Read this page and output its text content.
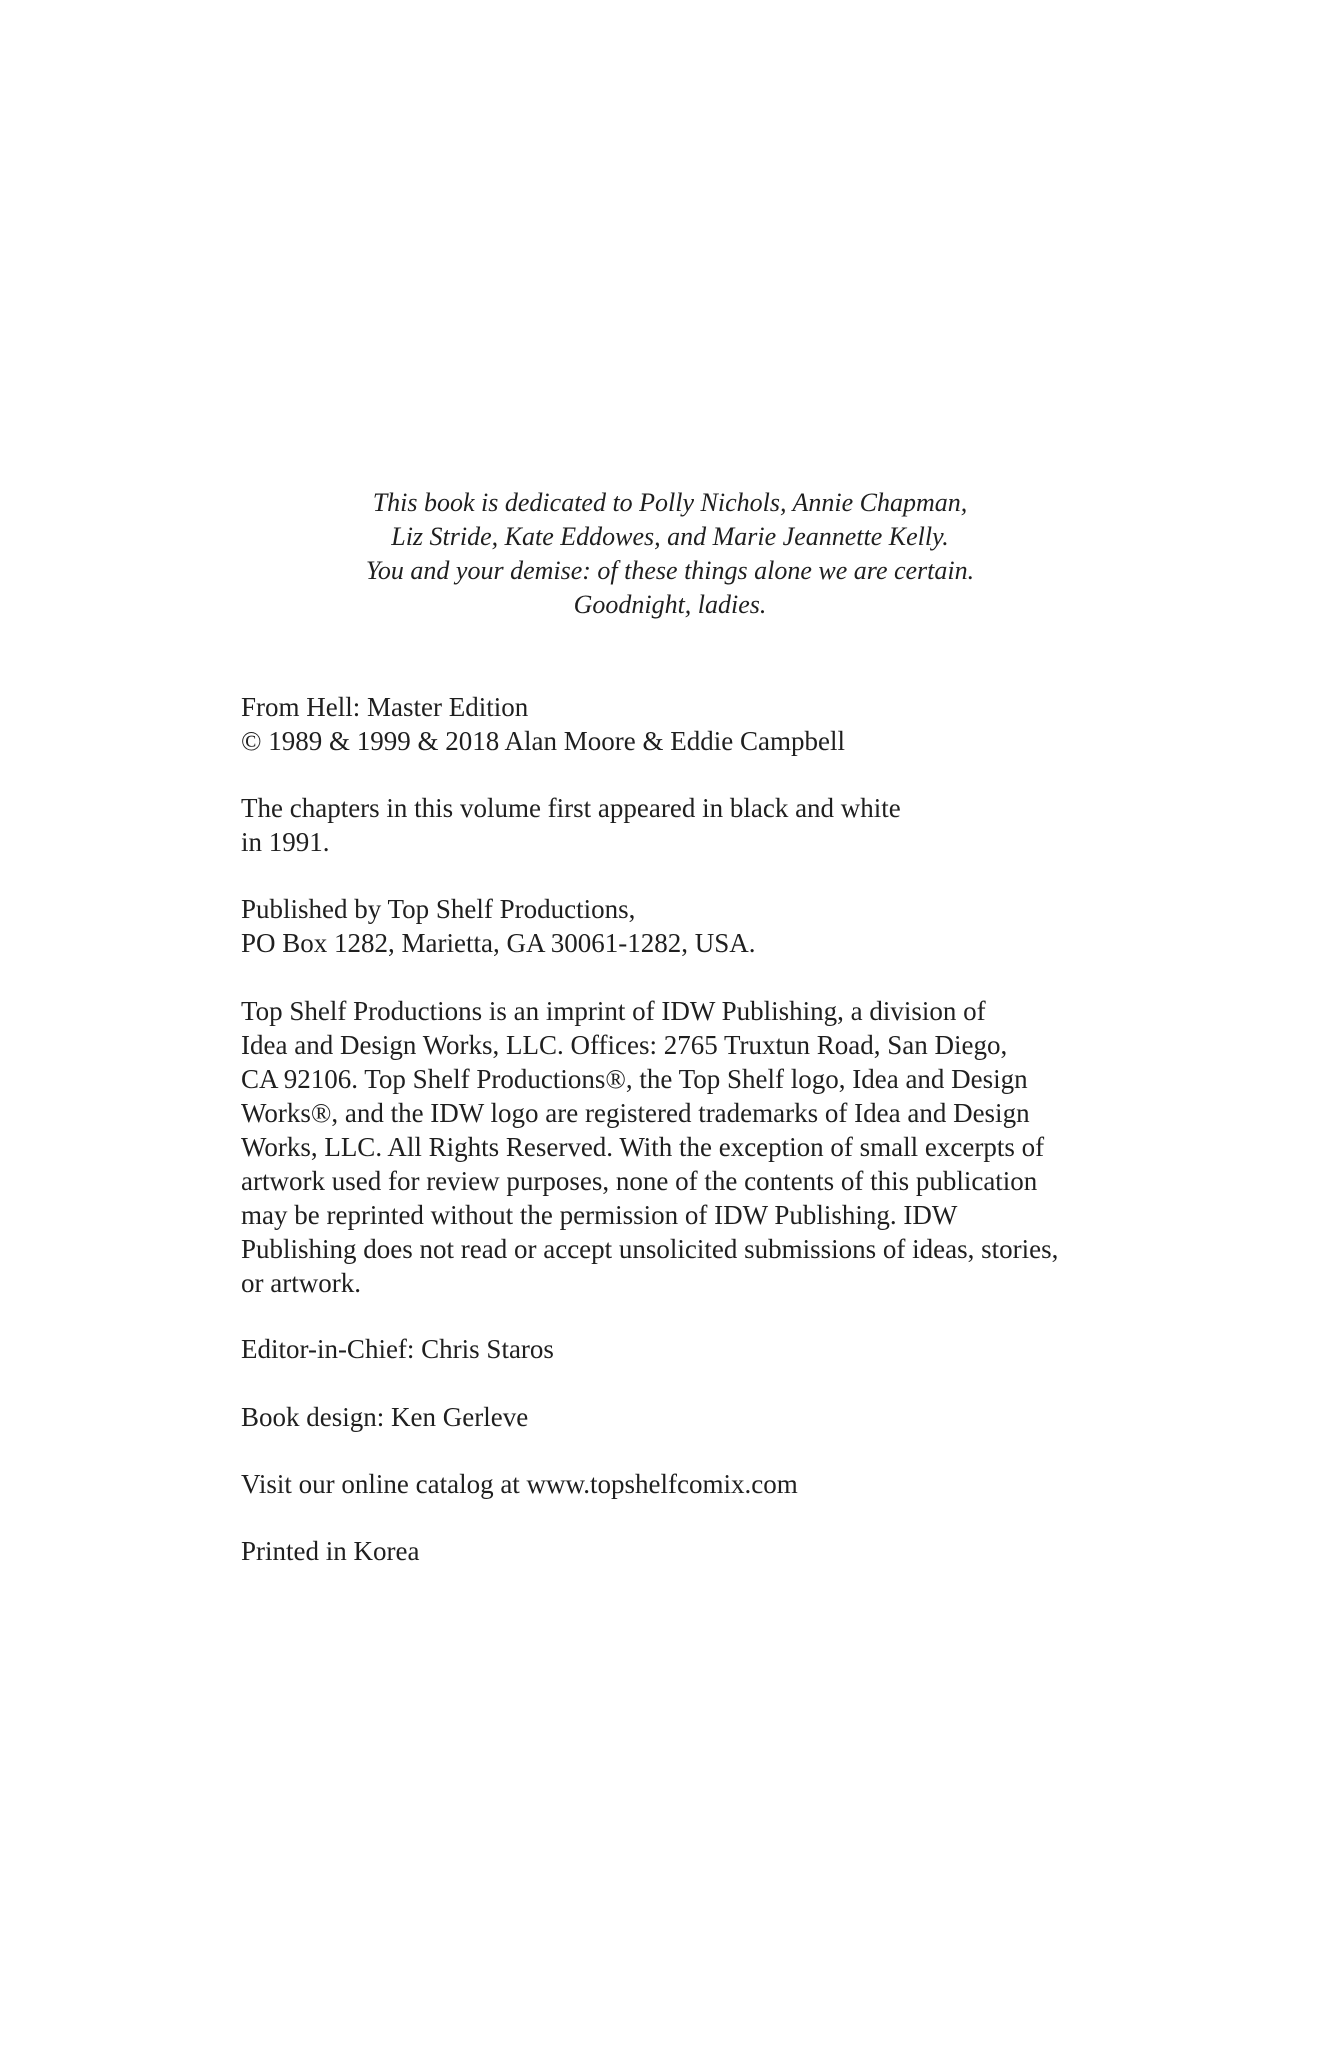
This book is dedicated to Polly Nichols, Annie Chapman,
Liz Stride, Kate Eddowes, and Marie Jeannette Kelly.
You and your demise: of these things alone we are certain.
Goodnight, ladies.
From Hell: Master Edition
© 1989 & 1999 & 2018 Alan Moore & Eddie Campbell
The chapters in this volume first appeared in black and white
in 1991.
Published by Top Shelf Productions,
PO Box 1282, Marietta, GA 30061-1282, USA.
Top Shelf Productions is an imprint of IDW Publishing, a division of
Idea and Design Works, LLC. Offices: 2765 Truxtun Road, San Diego,
CA 92106. Top Shelf Productions®, the Top Shelf logo, Idea and Design
Works®, and the IDW logo are registered trademarks of Idea and Design
Works, LLC. All Rights Reserved. With the exception of small excerpts of
artwork used for review purposes, none of the contents of this publication
may be reprinted without the permission of IDW Publishing. IDW
Publishing does not read or accept unsolicited submissions of ideas, stories,
or artwork.
Editor-in-Chief: Chris Staros
Book design: Ken Gerleve
Visit our online catalog at www.topshelfcomix.com
Printed in Korea
